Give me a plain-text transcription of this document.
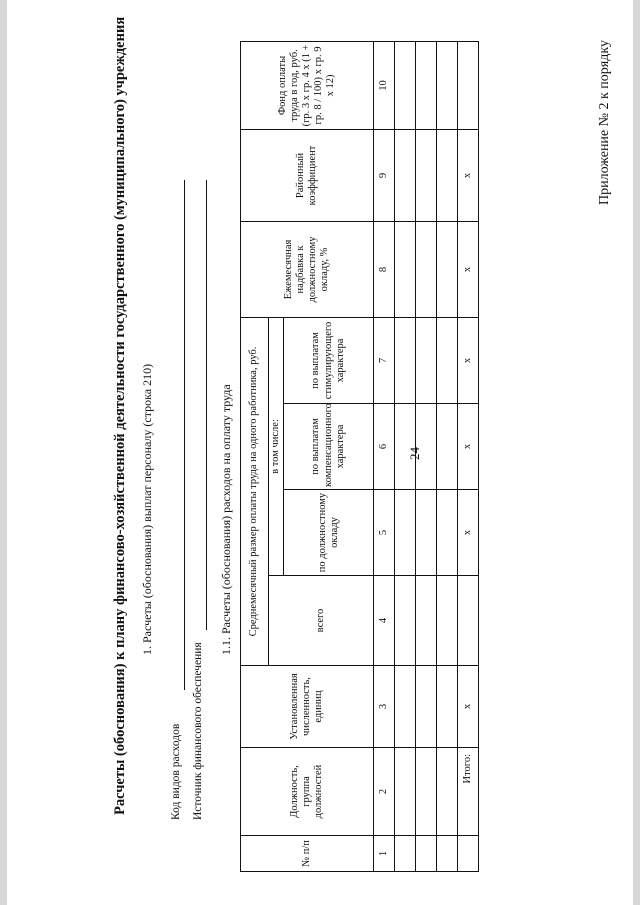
Приложение № 2 к порядку
24
Расчеты (обоснования) к плану финансово-хозяйственной деятельности государственного (муниципального) учреждения 1. Расчеты (обоснования) выплат персоналу (строка 210)
Код видов расходов Источник финансового обеспечения
1.1. Расчеты (обоснования) расходов на оплату труда
№ п/п	Должность, группа должностей	Установленная численность, единиц	Среднемесячный размер оплаты труда на одного работника, руб.				Ежемесячная надбавка к должностному окладу, %	Районный коэффициент	Фонд оплаты труда в год, руб. (гр. 3 x гр. 4 x (1 + гр. 8 / 100) x гр. 9 x 12)
			всего	в том числе:					
				по должностному окладу	по выплатам компенсационного характера	по выплатам стимулирующего характера			
1	2	3	4	5	6	7	8	9	10

	Итого:	x		x	x	x	x	x	
